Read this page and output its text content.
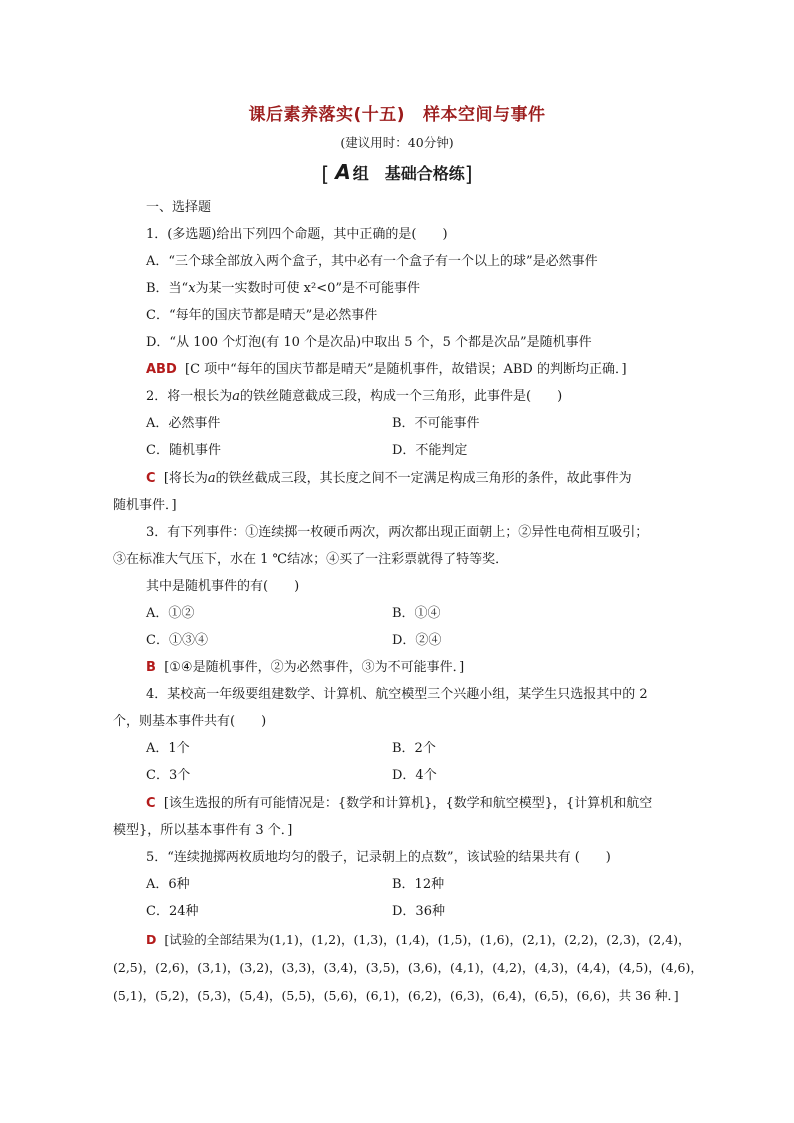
课后素养落实(十五) 样本空间与事件
(建议用时：40分钟)
[ A 组 基础合格练]
一、选择题
1．(多选题)给出下列四个命题，其中正确的是(　　)
A．“三个球全部放入两个盒子，其中必有一个盒子有一个以上的球”是必然事件
B．当“x为某一实数时可使 x²<0”是不可能事件
C．“每年的国庆节都是晴天”是必然事件
D．“从 100 个灯泡(有 10 个是次品)中取出 5 个，5 个都是次品”是随机事件
ABD [C 项中“每年的国庆节都是晴天”是随机事件，故错误；ABD 的判断均正确．]
2．将一根长为a的铁丝随意截成三段，构成一个三角形，此事件是(　　)
A．必然事件	B．不可能事件
C．随机事件	D．不能判定
C [将长为a的铁丝截成三段，其长度之间不一定满足构成三角形的条件，故此事件为
随机事件．]
3．有下列事件：①连续掷一枚硬币两次，两次都出现正面朝上；②异性电荷相互吸引；
③在标准大气压下，水在 1 ℃结冰；④买了一注彩票就得了特等奖．
其中是随机事件的有(　　)
A．①②	B．①④
C．①③④	D．②④
B [①④是随机事件，②为必然事件，③为不可能事件．]
4．某校高一年级要组建数学、计算机、航空模型三个兴趣小组，某学生只选报其中的 2
个，则基本事件共有(　　)
A．1个	B．2个
C．3个	D．4个
C [该生选报的所有可能情况是：{数学和计算机}，{数学和航空模型}，{计算机和航空
模型}，所以基本事件有 3 个．]
5．“连续抛掷两枚质地均匀的骰子，记录朝上的点数”，该试验的结果共有 (　　)
A．6种	B．12种
C．24种	D．36种
D [试验的全部结果为(1,1)，(1,2)，(1,3)，(1,4)，(1,5)，(1,6)，(2,1)，(2,2)，(2,3)，(2,4)，
(2,5)，(2,6)，(3,1)，(3,2)，(3,3)，(3,4)，(3,5)，(3,6)，(4,1)，(4,2)，(4,3)，(4,4)，(4,5)，(4,6)，
(5,1)，(5,2)，(5,3)，(5,4)，(5,5)，(5,6)，(6,1)，(6,2)，(6,3)，(6,4)，(6,5)，(6,6)，共 36 种．]
